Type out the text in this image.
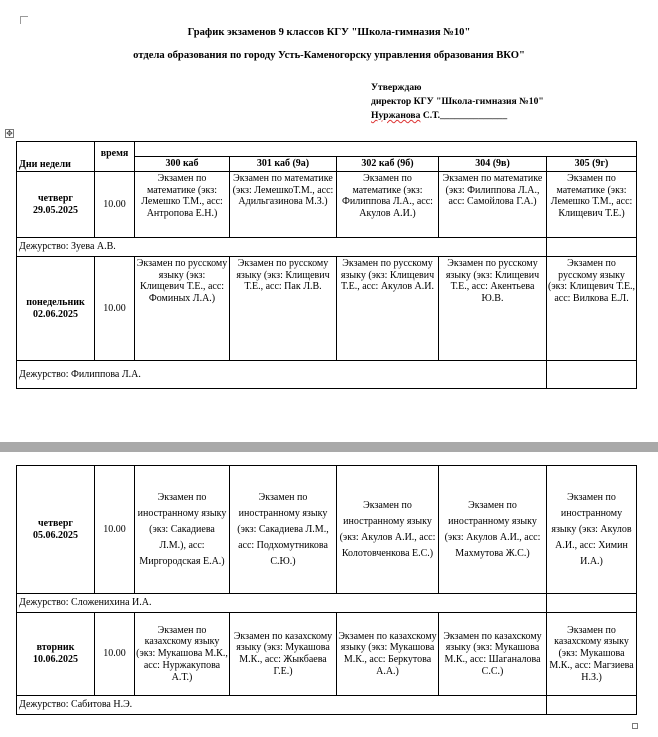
График экзаменов 9 классов КГУ "Школа-гимназия №10"
отдела образования по городу Усть-Каменогорску управления образования ВКО"
Утверждаю
директор КГУ "Школа-гимназия №10"
Нуржанова С.Т.______________
✥
Дни недели	время					
		300 каб	301 каб (9а)	302 каб (9б)	304 (9в)	305 (9г)

четверг
29.05.2025	10.00	Экзамен по математике (экз: Лемешко Т.М., асс: Антропова Е.Н.)	Экзамен по математике (экз: ЛемешкоТ.М., асс: Адильгазинова М.З.)	Экзамен по математике (экз: Филиппова Л.А., асс: Акулов А.И.)	Экзамен по математике (экз: Филиппова Л.А., асс: Самойлова Г.А.)	Экзамен по математике (экз: Лемешко Т.М., асс: Клищевич Т.Е.)
Дежурство: Зуева А.В.						

понедельник
02.06.2025	10.00	Экзамен по русскому языку (экз: Клищевич Т.Е., асс: Фоминых Л.А.)	Экзамен по русскому языку (экз: Клищевич Т.Е., асс: Пак Л.В.	Экзамен по русскому языку (экз: Клищевич Т.Е., асс: Акулов А.И.	Экзамен по русскому языку (экз: Клищевич Т.Е., асс: Акентьева Ю.В.	Экзамен по русскому языку (экз: Клищевич Т.Е., асс: Вилкова Е.Л.
Дежурство: Филиппова Л.А.						
четверг
05.06.2025	10.00	Экзамен по иностранному языку (экз: Сакадиева Л.М.), асс: Миргородская Е.А.)	Экзамен по иностранному языку (экз: Сакадиева Л.М., асс: Подхомутникова С.Ю.)	Экзамен по иностранному языку (экз: Акулов А.И., асс: Колотовченкова Е.С.)	Экзамен по иностранному языку (экз: Акулов А.И., асс: Махмутова Ж.С.)	Экзамен по иностранному языку (экз: Акулов А.И., асс: Химин И.А.)
Дежурство: Сложенихина И.А.						

вторник
10.06.2025	10.00	Экзамен по казахскому языку (экз: Мукашова М.К., асс: Нуржакупова А.Т.)	Экзамен по казахскому языку (экз: Мукашова М.К., асс: Жыкбаева Г.Е.)	Экзамен по казахскому языку (экз: Мукашова М.К., асс: Беркутова А.А.)	Экзамен по казахскому языку (экз: Мукашова М.К., асс: Шаганалова С.С.)	Экзамен по казахскому языку (экз: Мукашова М.К., асс: Магзиева Н.З.)
Дежурство: Сабитова Н.Э.						
